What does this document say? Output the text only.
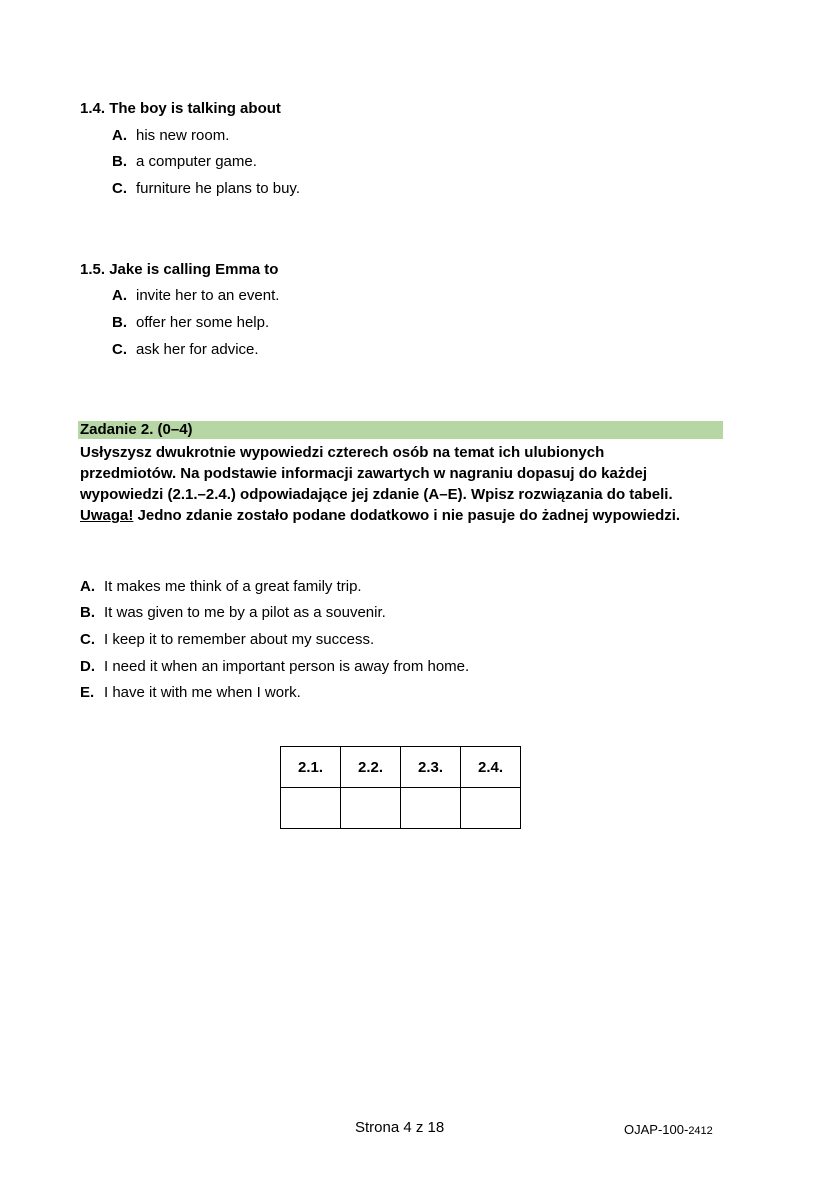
1.4. The boy is talking about
A. his new room.
B. a computer game.
C. furniture he plans to buy.
1.5. Jake is calling Emma to
A. invite her to an event.
B. offer her some help.
C. ask her for advice.
Zadanie 2. (0–4)
Usłyszysz dwukrotnie wypowiedzi czterech osób na temat ich ulubionych
przedmiotów. Na podstawie informacji zawartych w nagraniu dopasuj do każdej
wypowiedzi (2.1.–2.4.) odpowiadające jej zdanie (A–E). Wpisz rozwiązania do tabeli.
Uwaga! Jedno zdanie zostało podane dodatkowo i nie pasuje do żadnej wypowiedzi.
A. It makes me think of a great family trip.
B. It was given to me by a pilot as a souvenir.
C. I keep it to remember about my success.
D. I need it when an important person is away from home.
E. I have it with me when I work.
2.1.	2.2.	2.3.	2.4.

Strona 4 z 18	OJAP-100-2412
